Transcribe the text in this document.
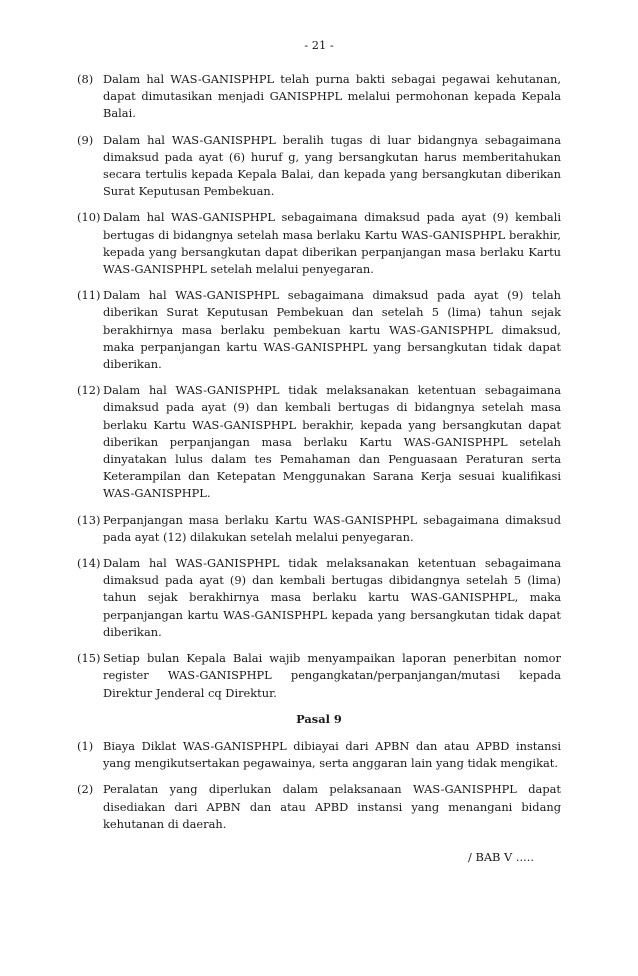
- 21 -
(8) Dalam hal WAS-GANISPHPL telah purna bakti sebagai pegawai kehutanan, dapat dimutasikan menjadi GANISPHPL melalui permohonan kepada Kepala Balai.
(9) Dalam hal WAS-GANISPHPL beralih tugas di luar bidangnya sebagaimana dimaksud pada ayat (6) huruf g, yang bersangkutan harus memberitahukan secara tertulis kepada Kepala Balai, dan kepada yang bersangkutan diberikan Surat Keputusan Pembekuan.
(10) Dalam hal WAS-GANISPHPL sebagaimana dimaksud pada ayat (9) kembali bertugas di bidangnya setelah masa berlaku Kartu WAS-GANISPHPL berakhir, kepada yang bersangkutan dapat diberikan perpanjangan masa berlaku Kartu WAS-GANISPHPL setelah melalui penyegaran.
(11) Dalam hal WAS-GANISPHPL sebagaimana dimaksud pada ayat (9) telah diberikan Surat Keputusan Pembekuan dan setelah 5 (lima) tahun sejak berakhirnya masa berlaku pembekuan kartu WAS-GANISPHPL dimaksud, maka perpanjangan kartu WAS-GANISPHPL yang bersangkutan tidak dapat diberikan.
(12) Dalam hal WAS-GANISPHPL tidak melaksanakan ketentuan sebagaimana dimaksud pada ayat (9) dan kembali bertugas di bidangnya setelah masa berlaku Kartu WAS-GANISPHPL berakhir, kepada yang bersangkutan dapat diberikan perpanjangan masa berlaku Kartu WAS-GANISPHPL setelah dinyatakan lulus dalam tes Pemahaman dan Penguasaan Peraturan serta Keterampilan dan Ketepatan Menggunakan Sarana Kerja sesuai kualifikasi WAS-GANISPHPL.
(13) Perpanjangan masa berlaku Kartu WAS-GANISPHPL sebagaimana dimaksud pada ayat (12) dilakukan setelah melalui penyegaran.
(14) Dalam hal WAS-GANISPHPL tidak melaksanakan ketentuan sebagaimana dimaksud pada ayat (9) dan kembali bertugas dibidangnya setelah 5 (lima) tahun sejak berakhirnya masa berlaku kartu WAS-GANISPHPL, maka perpanjangan kartu WAS-GANISPHPL kepada yang bersangkutan tidak dapat diberikan.
(15) Setiap bulan Kepala Balai wajib menyampaikan laporan penerbitan nomor register WAS-GANISPHPL pengangkatan/perpanjangan/mutasi kepada Direktur Jenderal cq Direktur.
Pasal 9
(1) Biaya Diklat WAS-GANISPHPL dibiayai dari APBN dan atau APBD instansi yang mengikutsertakan pegawainya, serta anggaran lain yang tidak mengikat.
(2) Peralatan yang diperlukan dalam pelaksanaan WAS-GANISPHPL dapat disediakan dari APBN dan atau APBD instansi yang menangani bidang kehutanan di daerah.
/ BAB V .....
